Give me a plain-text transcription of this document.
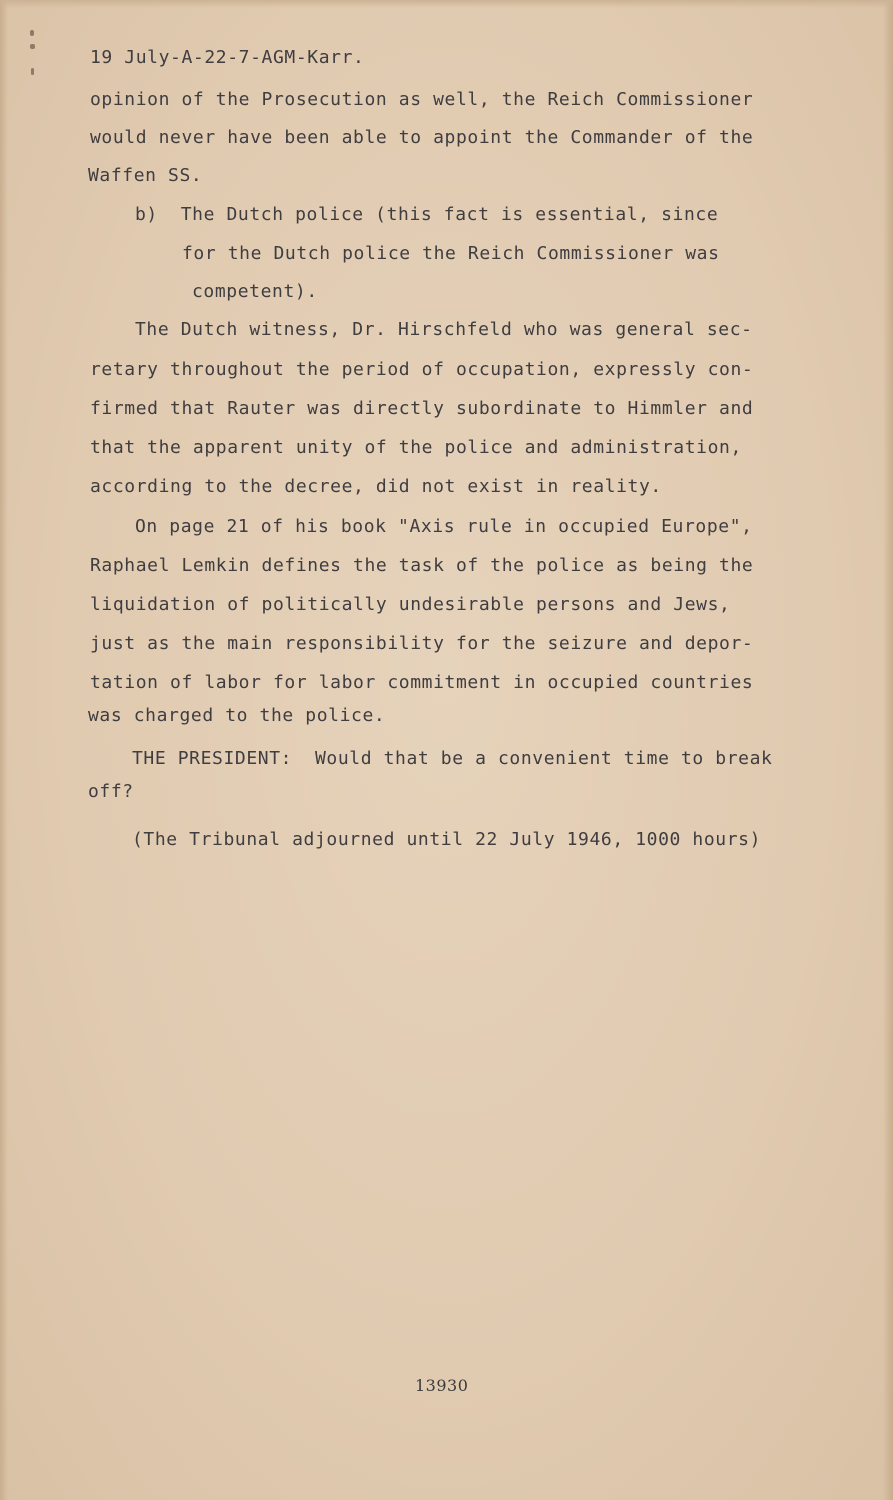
19 July-A-22-7-AGM-Karr.
opinion of the Prosecution as well, the Reich Commissioner
would never have been able to appoint the Commander of the
Waffen SS.
b)  The Dutch police (this fact is essential, since
for the Dutch police the Reich Commissioner was
competent).
The Dutch witness, Dr. Hirschfeld who was general sec-
retary throughout the period of occupation, expressly con-
firmed that Rauter was directly subordinate to Himmler and
that the apparent unity of the police and administration,
according to the decree, did not exist in reality.
On page 21 of his book "Axis rule in occupied Europe",
Raphael Lemkin defines the task of the police as being the
liquidation of politically undesirable persons and Jews,
just as the main responsibility for the seizure and depor-
tation of labor for labor commitment in occupied countries
was charged to the police.
THE PRESIDENT:  Would that be a convenient time to break
off?
(The Tribunal adjourned until 22 July 1946, 1000 hours)
13930
